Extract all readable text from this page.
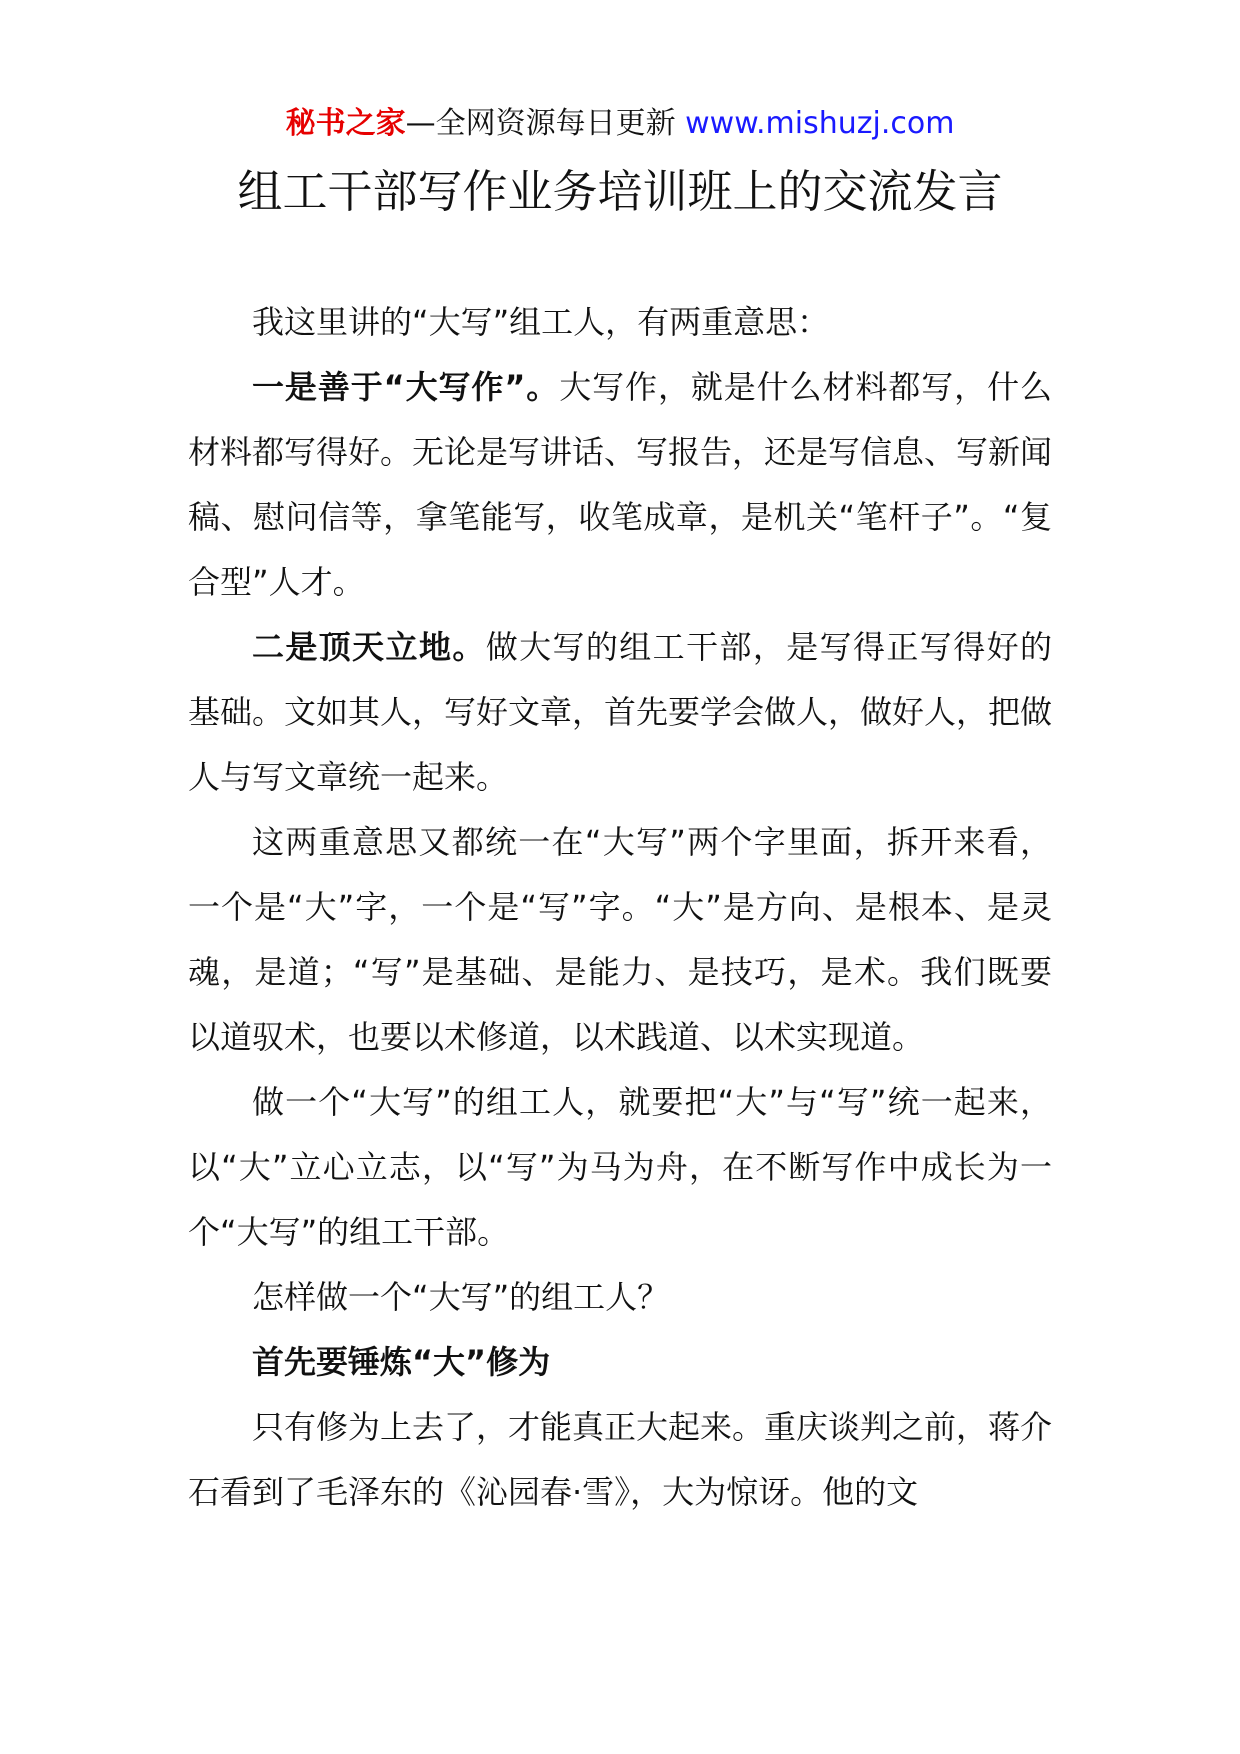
秘书之家—全网资源每日更新 www.mishuzj.com
组工干部写作业务培训班上的交流发言

我这里讲的“大写”组工人，有两重意思：

一是善于“大写作”。大写作，就是什么材料都写，什么材料都写得好。无论是写讲话、写报告，还是写信息、写新闻稿、慰问信等，拿笔能写，收笔成章，是机关“笔杆子”。“复合型”人才。

二是顶天立地。做大写的组工干部，是写得正写得好的基础。文如其人，写好文章，首先要学会做人，做好人，把做人与写文章统一起来。

这两重意思又都统一在“大写”两个字里面，拆开来看，一个是“大”字，一个是“写”字。“大”是方向、是根本、是灵魂，是道；“写”是基础、是能力、是技巧，是术。我们既要以道驭术，也要以术修道，以术践道、以术实现道。

做一个“大写”的组工人，就要把“大”与“写”统一起来，以“大”立心立志，以“写”为马为舟，在不断写作中成长为一个“大写”的组工干部。

怎样做一个“大写”的组工人？

首先要锤炼“大”修为

只有修为上去了，才能真正大起来。重庆谈判之前，蒋介石看到了毛泽东的《沁园春·雪》，大为惊讶。他的文
